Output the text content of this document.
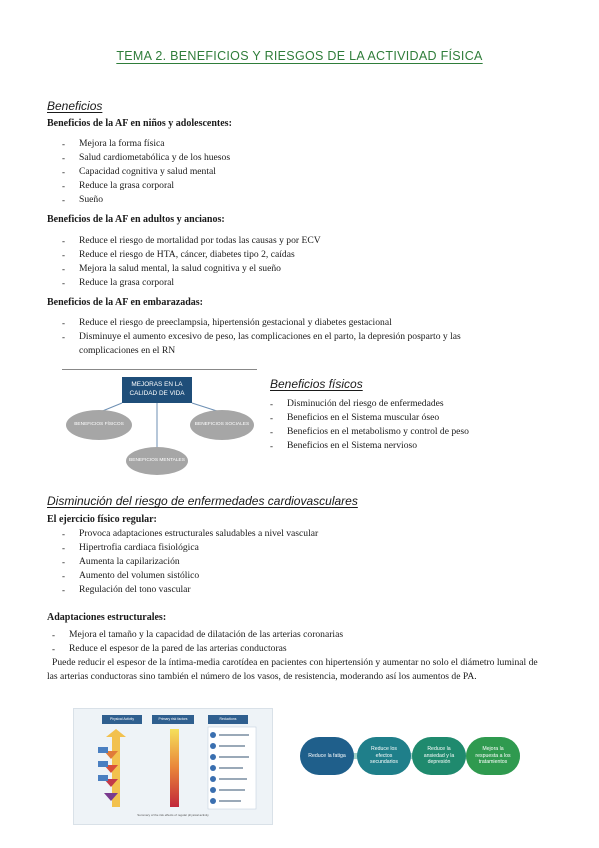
TEMA 2. BENEFICIOS Y RIESGOS DE LA ACTIVIDAD FÍSICA
Beneficios
Beneficios de la AF en niños y adolescentes:
- Mejora la forma física
- Salud cardiometabólica y de los huesos
- Capacidad cognitiva y salud mental
- Reduce la grasa corporal
- Sueño
Beneficios de la AF en adultos y ancianos:
- Reduce el riesgo de mortalidad por todas las causas y por ECV
- Reduce el riesgo de HTA, cáncer, diabetes tipo 2, caídas
- Mejora la salud mental, la salud cognitiva y el sueño
- Reduce la grasa corporal
Beneficios de la AF en embarazadas:
- Reduce el riesgo de preeclampsia, hipertensión gestacional y diabetes gestacional
- Disminuye el aumento excesivo de peso, las complicaciones en el parto, la depresión posparto y las complicaciones en el RN
MEJORAS EN LA CALIDAD DE VIDA
BENEFICIOS FÍSICOS	BENEFICIOS SOCIALES
BENEFICIOS MENTALES
Beneficios físicos
- Disminución del riesgo de enfermedades
- Beneficios en el Sistema muscular óseo
- Beneficios en el metabolismo y control de peso
- Beneficios en el Sistema nervioso
Disminución del riesgo de enfermedades cardiovasculares
El ejercicio físico regular:
- Provoca adaptaciones estructurales saludables a nivel vascular
- Hipertrofia cardiaca fisiológica
- Aumenta la capilarización
- Aumento del volumen sistólico
- Regulación del tono vascular
Adaptaciones estructurales:
- Mejora el tamaño y la capacidad de dilatación de las arterias coronarias
- Reduce el espesor de la pared de las arterias conductoras
Puede reducir el espesor de la íntima-media carotídea en pacientes con hipertensión y aumentar no solo el diámetro luminal de las arterias conductoras sino también el número de los vasos, de resistencia, moderando así los aumentos de PA.
Physical Activity	Primary risk factors	Reductions
Summary of the risk effects of regular physical activity
Reduce la fatiga
Reduce los efectos secundarios
Reduce la ansiedad y la depresión
Mejora la respuesta a los tratamientos
